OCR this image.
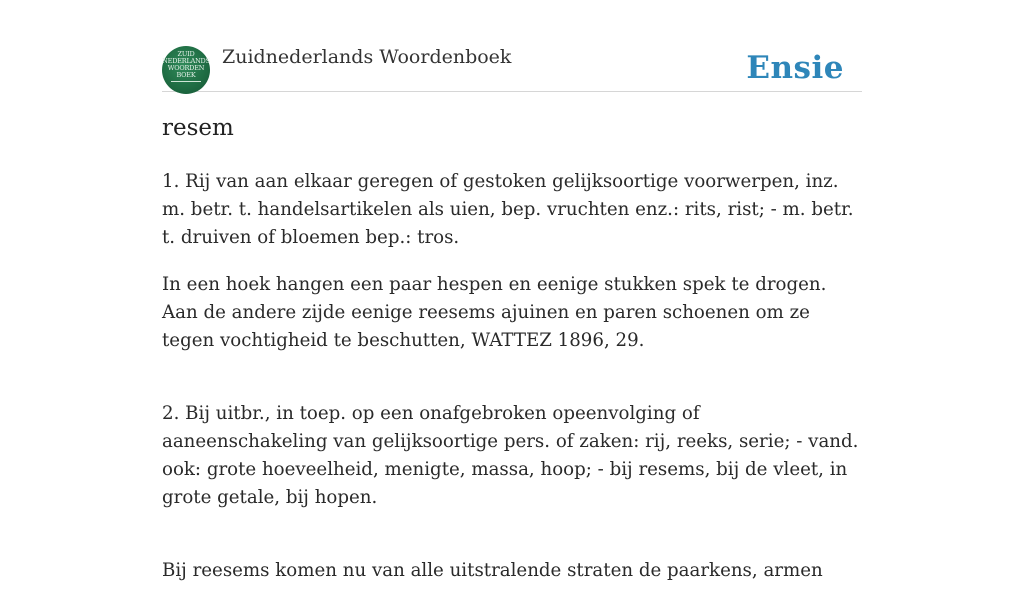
ZUID
NEDERLANDS
WOORDEN
BOEK
Zuidnederlands Woordenboek	Ensie
resem

1. Rij van aan elkaar geregen of gestoken gelijksoortige voorwerpen, inz. m. betr. t. handelsartikelen als uien, bep. vruchten enz.: rits, rist; - m. betr. t. druiven of bloemen bep.: tros.

In een hoek hangen een paar hespen en eenige stukken spek te drogen. Aan de andere zijde eenige reesems ajuinen en paren schoenen om ze tegen vochtigheid te beschutten, WATTEZ 1896, 29.

2. Bij uitbr., in toep. op een onafgebroken opeenvolging of aaneenschakeling van gelijksoortige pers. of zaken: rij, reeks, serie; - vand. ook: grote hoeveelheid, menigte, massa, hoop; - bij resems, bij de vleet, in grote getale, bij hopen.

Bij reesems komen nu van alle uitstralende straten de paarkens, armen
